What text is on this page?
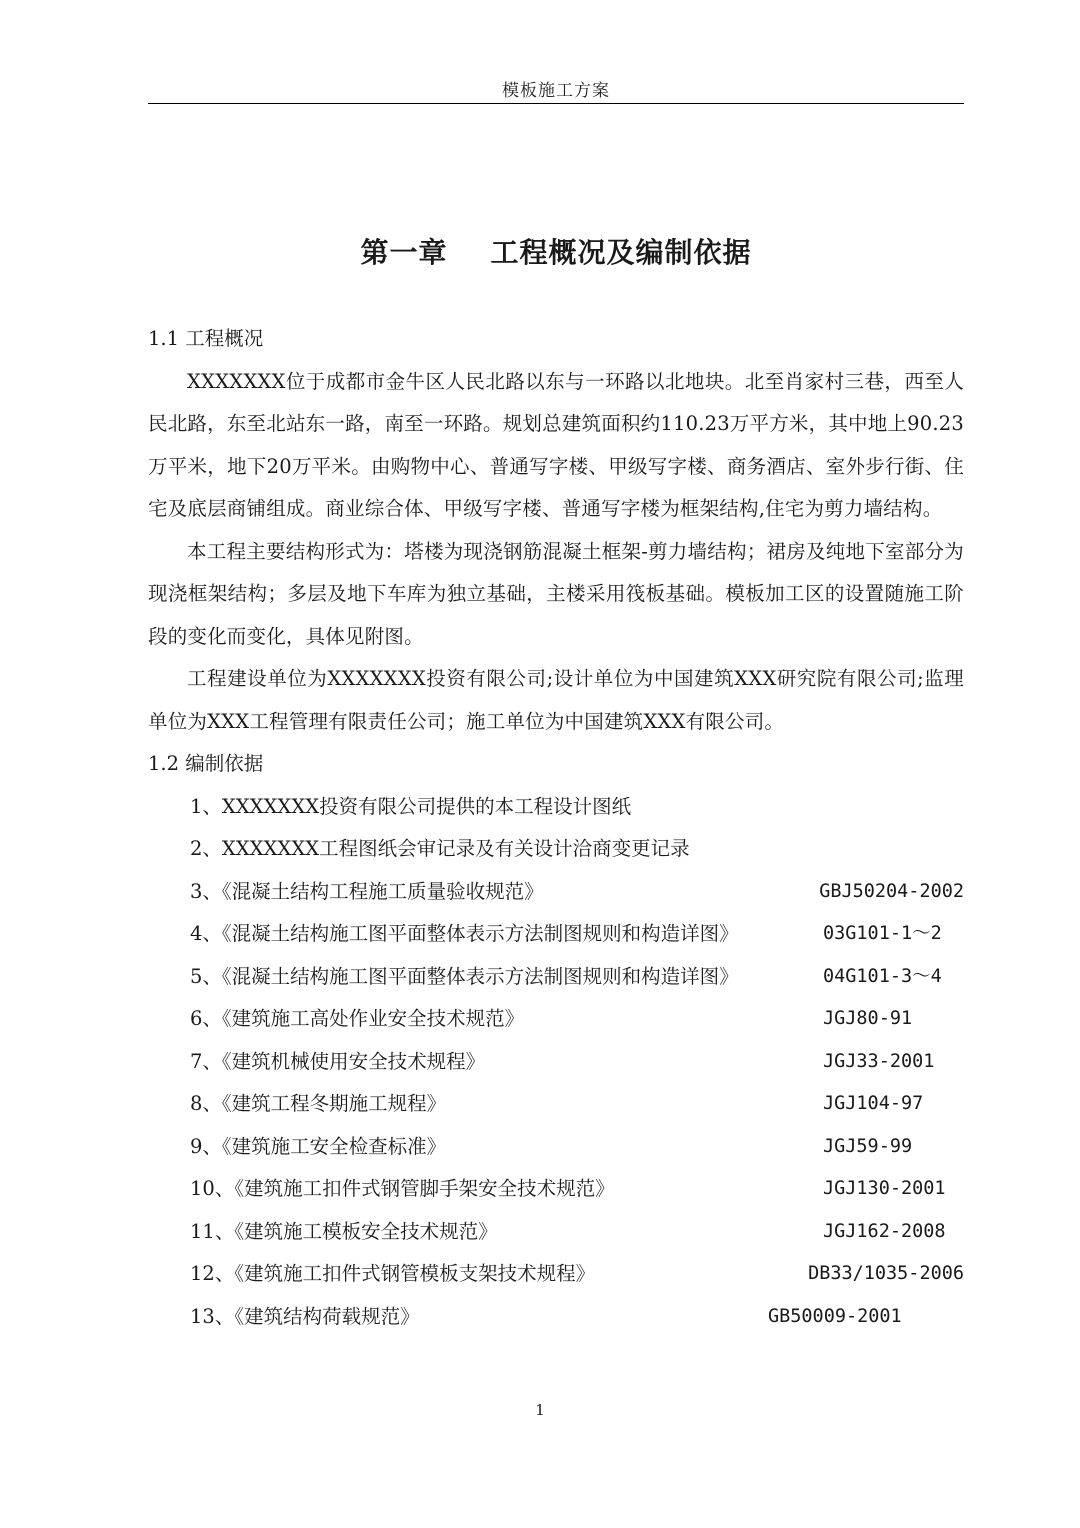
模板施工方案
第一章    工程概况及编制依据

1.1 工程概况

XXXXXXX位于成都市金牛区人民北路以东与一环路以北地块。北至肖家村三巷，西至人民北路，东至北站东一路，南至一环路。规划总建筑面积约110.23万平方米，其中地上90.23万平米，地下20万平米。由购物中心、普通写字楼、甲级写字楼、商务酒店、室外步行街、住宅及底层商铺组成。商业综合体、甲级写字楼、普通写字楼为框架结构,住宅为剪力墙结构。

本工程主要结构形式为：塔楼为现浇钢筋混凝土框架-剪力墙结构；裙房及纯地下室部分为现浇框架结构；多层及地下车库为独立基础，主楼采用筏板基础。模板加工区的设置随施工阶段的变化而变化，具体见附图。

工程建设单位为XXXXXXX投资有限公司;设计单位为中国建筑XXX研究院有限公司;监理单位为XXX工程管理有限责任公司；施工单位为中国建筑XXX有限公司。

1.2 编制依据

1、XXXXXXX投资有限公司提供的本工程设计图纸
2、XXXXXXX工程图纸会审记录及有关设计洽商变更记录
3、《混凝土结构工程施工质量验收规范》	GBJ50204-2002
4、《混凝土结构施工图平面整体表示方法制图规则和构造详图》	03G101-1～2
5、《混凝土结构施工图平面整体表示方法制图规则和构造详图》	04G101-3～4
6、《建筑施工高处作业安全技术规范》	JGJ80-91
7、《建筑机械使用安全技术规程》	JGJ33-2001
8、《建筑工程冬期施工规程》	JGJ104-97
9、《建筑施工安全检查标准》	JGJ59-99
10、《建筑施工扣件式钢管脚手架安全技术规范》	JGJ130-2001
11、《建筑施工模板安全技术规范》	JGJ162-2008
12、《建筑施工扣件式钢管模板支架技术规程》	DB33/1035-2006
13、《建筑结构荷载规范》	GB50009-2001
1
